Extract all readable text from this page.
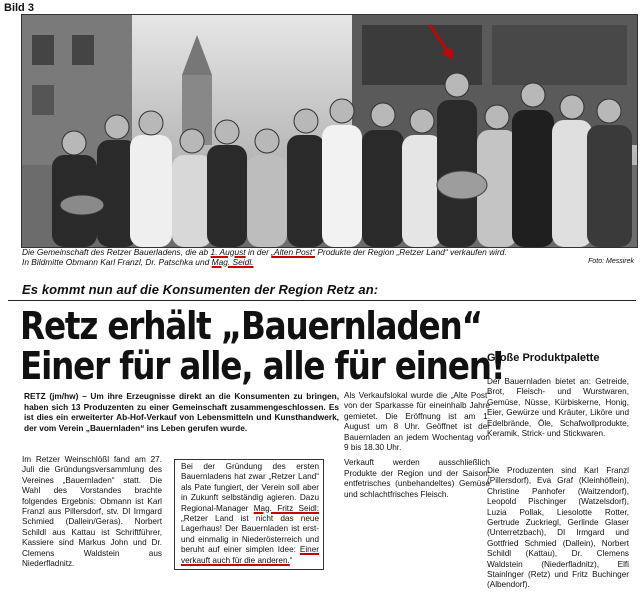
Bild 3
Die Gemeinschaft des Retzer Bauerladens, die ab 1. August in der „Alten Post“ Produkte der Region „Retzer Land“ verkaufen wird.
In Bildmitte Obmann Karl Franzl, Dr. Patschka und Mag. Seidl.	Foto: Messirek
Es kommt nun auf die Konsumenten der Region Retz an:
Retz erhält „Bauernladen“
Einer für alle, alle für einen!
RETZ (jm/hw) – Um ihre Erzeugnisse direkt an die Konsumenten zu bringen, haben sich 13 Produzenten zu einer Gemeinschaft zusammengeschlossen. Es ist dies ein erweiterter Ab-Hof-Verkauf von Lebensmitteln und Kunsthandwerk, der vom Verein „Bauernladen“ ins Leben gerufen wurde.
Im Retzer Weinschlößl fand am 27. Juli die Gründungsversammlung des Vereines „Bauernladen“ statt. Die Wahl des Vorstandes brachte folgendes Ergebnis: Obmann ist Karl Franzl aus Pillersdorf, stv. DI Irmgard Schmied (Dallein/Geras). Norbert Schildl aus Kattau ist Schriftführer, Kassiere sind Markus John und Dr. Clemens Waldstein aus Niederfladnitz.
Bei der Gründung des ersten Bauernladens hat zwar „Retzer Land“ als Pate fungiert, der Verein soll aber in Zukunft selbständig agieren. Dazu Regional-Manager Mag. Fritz Seidl: „Retzer Land ist nicht das neue Lagerhaus! Der Bauernladen ist erst- und einmalig in Niederösterreich und beruht auf einer simplen Idee: Einer verkauft auch für die anderen.“

Als Verkaufslokal wurde die „Alte Post“ von der Sparkasse für eineinhalb Jahre gemietet. Die Eröffnung ist am 1. August um 8 Uhr. Geöffnet ist der Bauernladen an jedem Wochentag von 9 bis 18.30 Uhr.

Verkauft werden ausschließlich Produkte der Region und der Saison; entfetrisches (unbehandeltes) Gemüse und schlachtfrisches Fleisch.

Große Produktpalette
Der Bauernladen bietet an: Getreide, Brot, Fleisch- und Wurstwaren, Gemüse, Nüsse, Kürbiskerne, Honig, Eier, Gewürze und Kräuter, Liköre und Edelbrände, Öle, Schafwollprodukte, Keramik, Strick- und Stickwaren.
Die Produzenten sind Karl Franzl (Pillersdorf), Eva Graf (Kleinhöflein), Christine Panhofer (Waitzendorf), Leopold Pischinger (Watzelsdorf), Luzia Pollak, Liesolotte Rotter, Gertrude Zuckriegl, Gerlinde Glaser (Unterretzbach), DI Irmgard und Gottfried Schmied (Dallein), Norbert Schildl (Kattau), Dr. Clemens Waldstein (Niederfladnitz), Elfi Stainlnger (Retz) und Fritz Buchinger (Albendorf).
